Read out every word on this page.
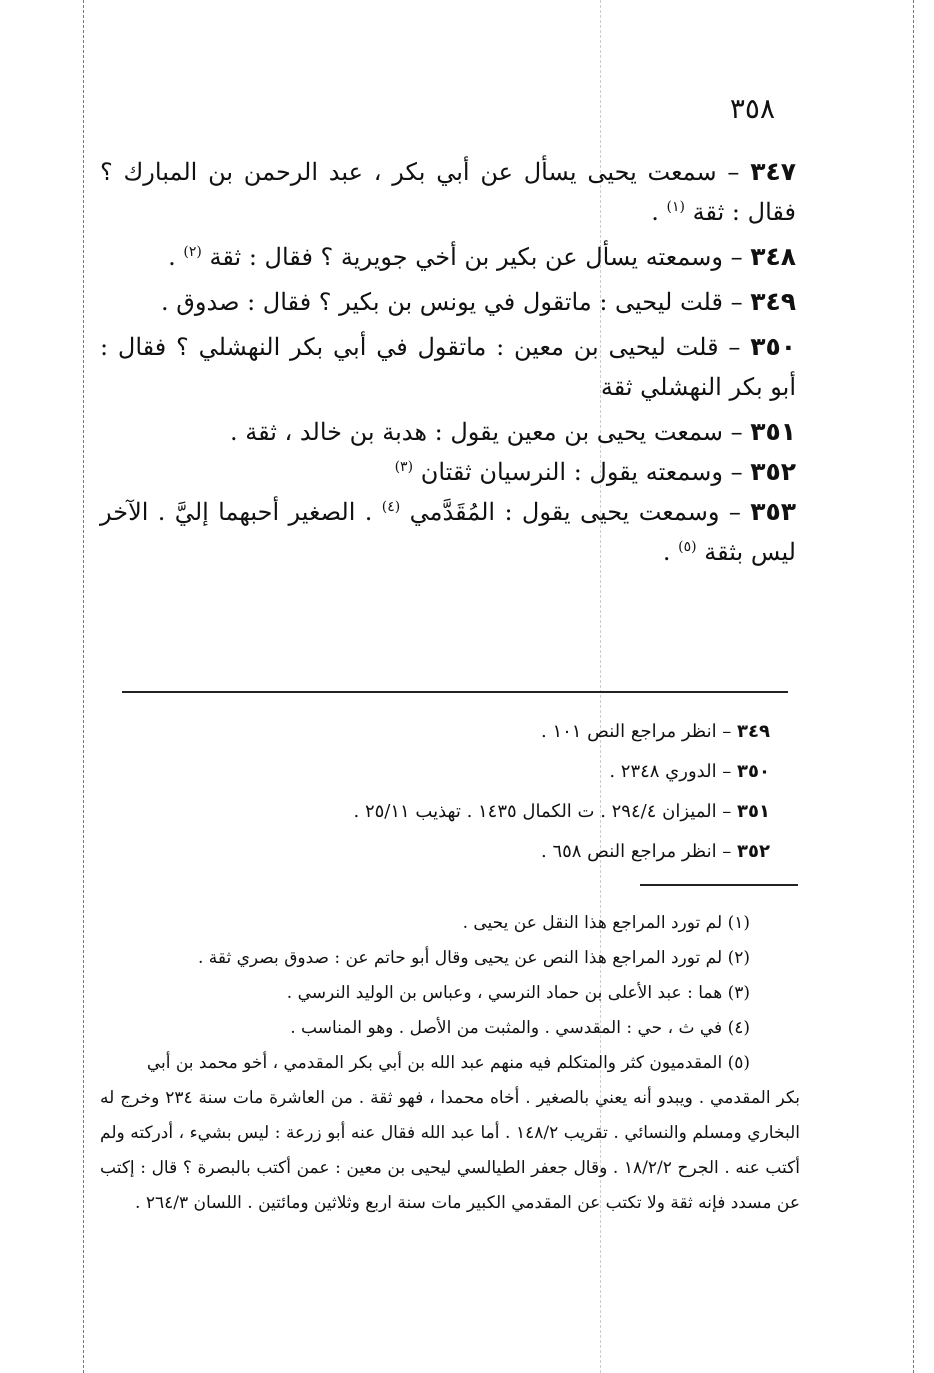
٣٥٨
٣٤٧ – سمعت يحيى يسأل عن أبي بكر ، عبد الرحمن بن المبارك ؟ فقال : ثقة $^{(١)}$ .
٣٤٨ – وسمعته يسأل عن بكير بن أخي جويرية ؟ فقال : ثقة $^{(٢)}$ .
٣٤٩ – قلت ليحيى : ماتقول في يونس بن بكير ؟ فقال : صدوق .
٣٥٠ – قلت ليحيى بن معين : ماتقول في أبي بكر النهشلي ؟ فقال : أبو بكر النهشلي ثقة
٣٥١ – سمعت يحيى بن معين يقول : هدبة بن خالد ، ثقة .
٣٥٢ – وسمعته يقول : النرسيان ثقتان $^{(٣)}$
٣٥٣ – وسمعت يحيى يقول : المُقَدَّمي $^{(٤)}$ . الصغير أحبهما إليَّ . الآخر ليس بثقة $^{(٥)}$ .
٣٤٩ – انظر مراجع النص ١٠١ .
٣٥٠ – الدوري ٢٣٤٨ .
٣٥١ – الميزان ٢٩٤/٤ . ت الكمال ١٤٣٥ . تهذيب ٢٥/١١ .
٣٥٢ – انظر مراجع النص ٦٥٨ .

(١) لم تورد المراجع هذا النقل عن يحيى .

(٢) لم تورد المراجع هذا النص عن يحيى وقال أبو حاتم عن : صدوق بصري ثقة .

(٣) هما : عبد الأعلى بن حماد النرسي ، وعباس بن الوليد النرسي .

(٤) في ث ، حي : المقدسي . والمثبت من الأصل . وهو المناسب .

(٥) المقدميون كثر والمتكلم فيه منهم عبد الله بن أبي بكر المقدمي ، أخو محمد بن أبي

بكر المقدمي . ويبدو أنه يعني بالصغير . أخاه محمدا ، فهو ثقة . من العاشرة مات سنة ٢٣٤ وخرج له البخاري ومسلم والنسائي . تقريب ١٤٨/٢ . أما عبد الله فقال عنه أبو زرعة : ليس بشيء ، أدركته ولم أكتب عنه . الجرح ١٨/٢/٢ . وقال جعفر الطيالسي ليحيى بن معين : عمن أكتب بالبصرة ؟ قال : إكتب عن مسدد فإنه ثقة ولا تكتب عن المقدمي الكبير مات سنة اربع وثلاثين ومائتين . اللسان ٢٦٤/٣ .
